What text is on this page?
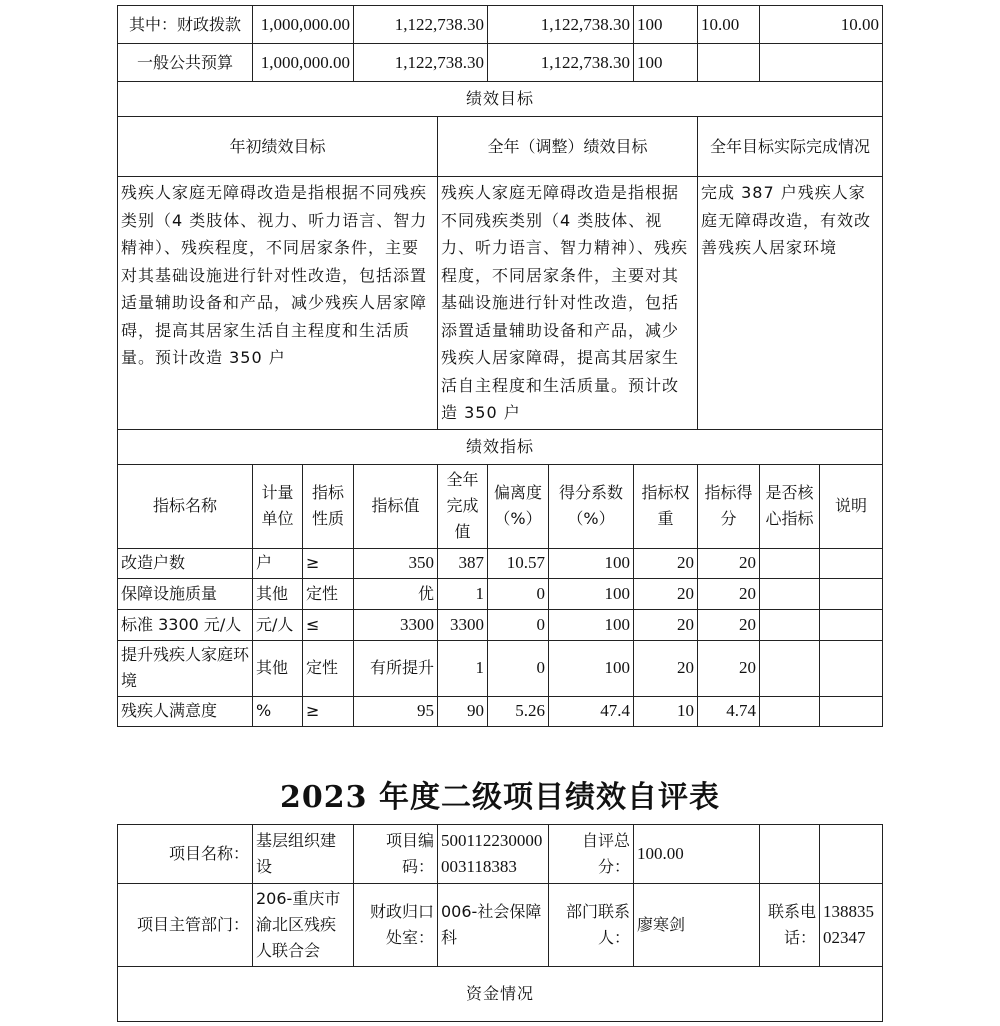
其中：财政拨款	1,000,000.00		1,122,738.30		1,122,738.30		100	10.00	10.00	
一般公共预算	1,000,000.00		1,122,738.30		1,122,738.30		100			
绩效目标										
年初绩效目标				全年（调整）绩效目标				全年目标实际完成情况		
残疾人家庭无障碍改造是指根据不同残疾类别（4 类肢体、视力、听力语言、智力精神）、残疾程度，不同居家条件，主要对其基础设施进行针对性改造，包括添置适量辅助设备和产品，减少残疾人居家障碍，提高其居家生活自主程度和生活质量。预计改造 350 户				残疾人家庭无障碍改造是指根据不同残疾类别（4 类肢体、视力、听力语言、智力精神）、残疾程度，不同居家条件，主要对其基础设施进行针对性改造，包括添置适量辅助设备和产品，减少残疾人居家障碍，提高其居家生活自主程度和生活质量。预计改造 350 户				完成 387 户残疾人家庭无障碍改造，有效改善残疾人居家环境		
绩效指标										
指标名称	计量单位	指标性质	指标值	全年完成值	偏离度（%）	得分系数（%）	指标权重	指标得分	是否核心指标	说明
改造户数	户	≥	350	387	10.57	100	20	20		
保障设施质量	其他	定性	优	1	0	100	20	20		
标准 3300 元/人	元/人	≤	3300	3300	0	100	20	20		
提升残疾人家庭环境	其他	定性	有所提升	1	0	100	20	20		
残疾人满意度	%	≥	95	90	5.26	47.4	10	4.74		
2023 年度二级项目绩效自评表
项目名称：	基层组织建设	项目编码：	500112230000003118383	自评总分：	100.00		
项目主管部门：	206-重庆市渝北区残疾人联合会	财政归口处室：	006-社会保障科	部门联系人：	廖寒剑	联系电话：	13883502347
资金情况							
